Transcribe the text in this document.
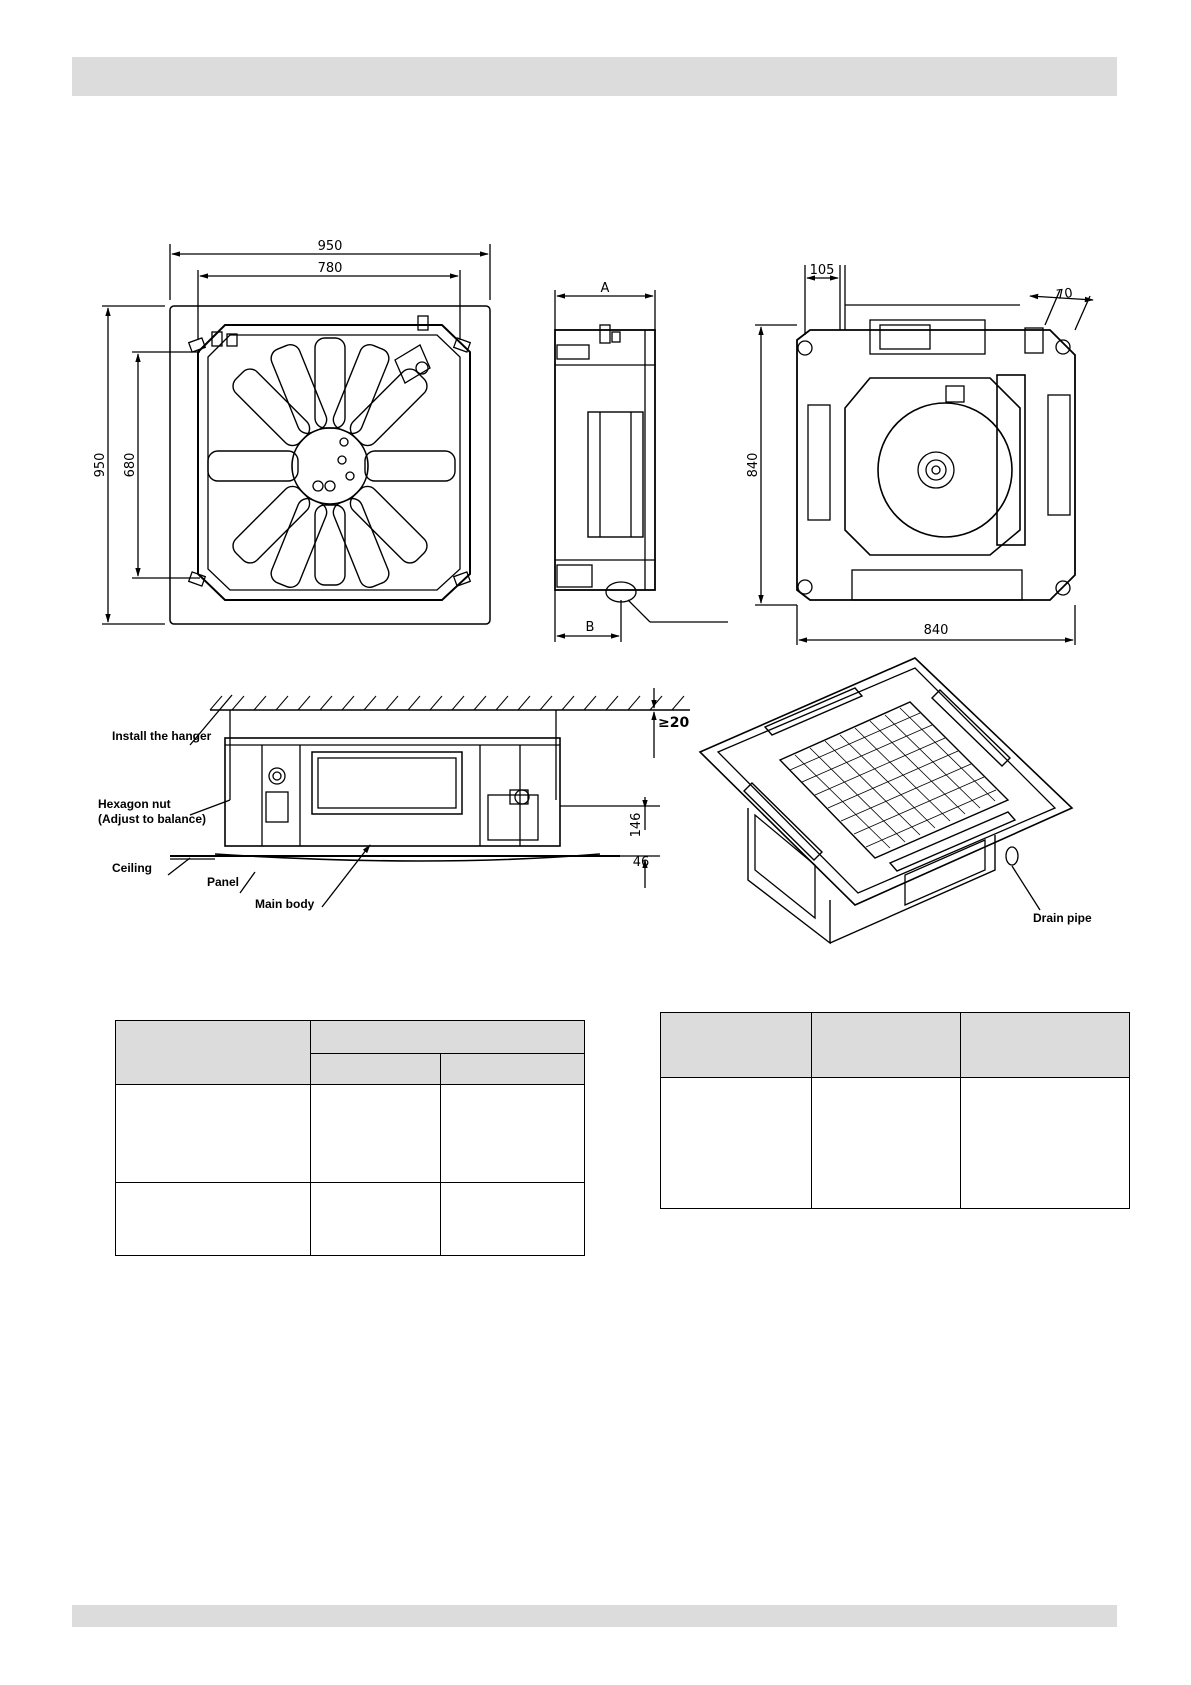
950
780
950 680
A
B
105
70
840
840
Install the hanger
Hexagon nut
(Adjust to balance)
Ceiling
Panel
Main body
≥20
146
46
Drain pipe
